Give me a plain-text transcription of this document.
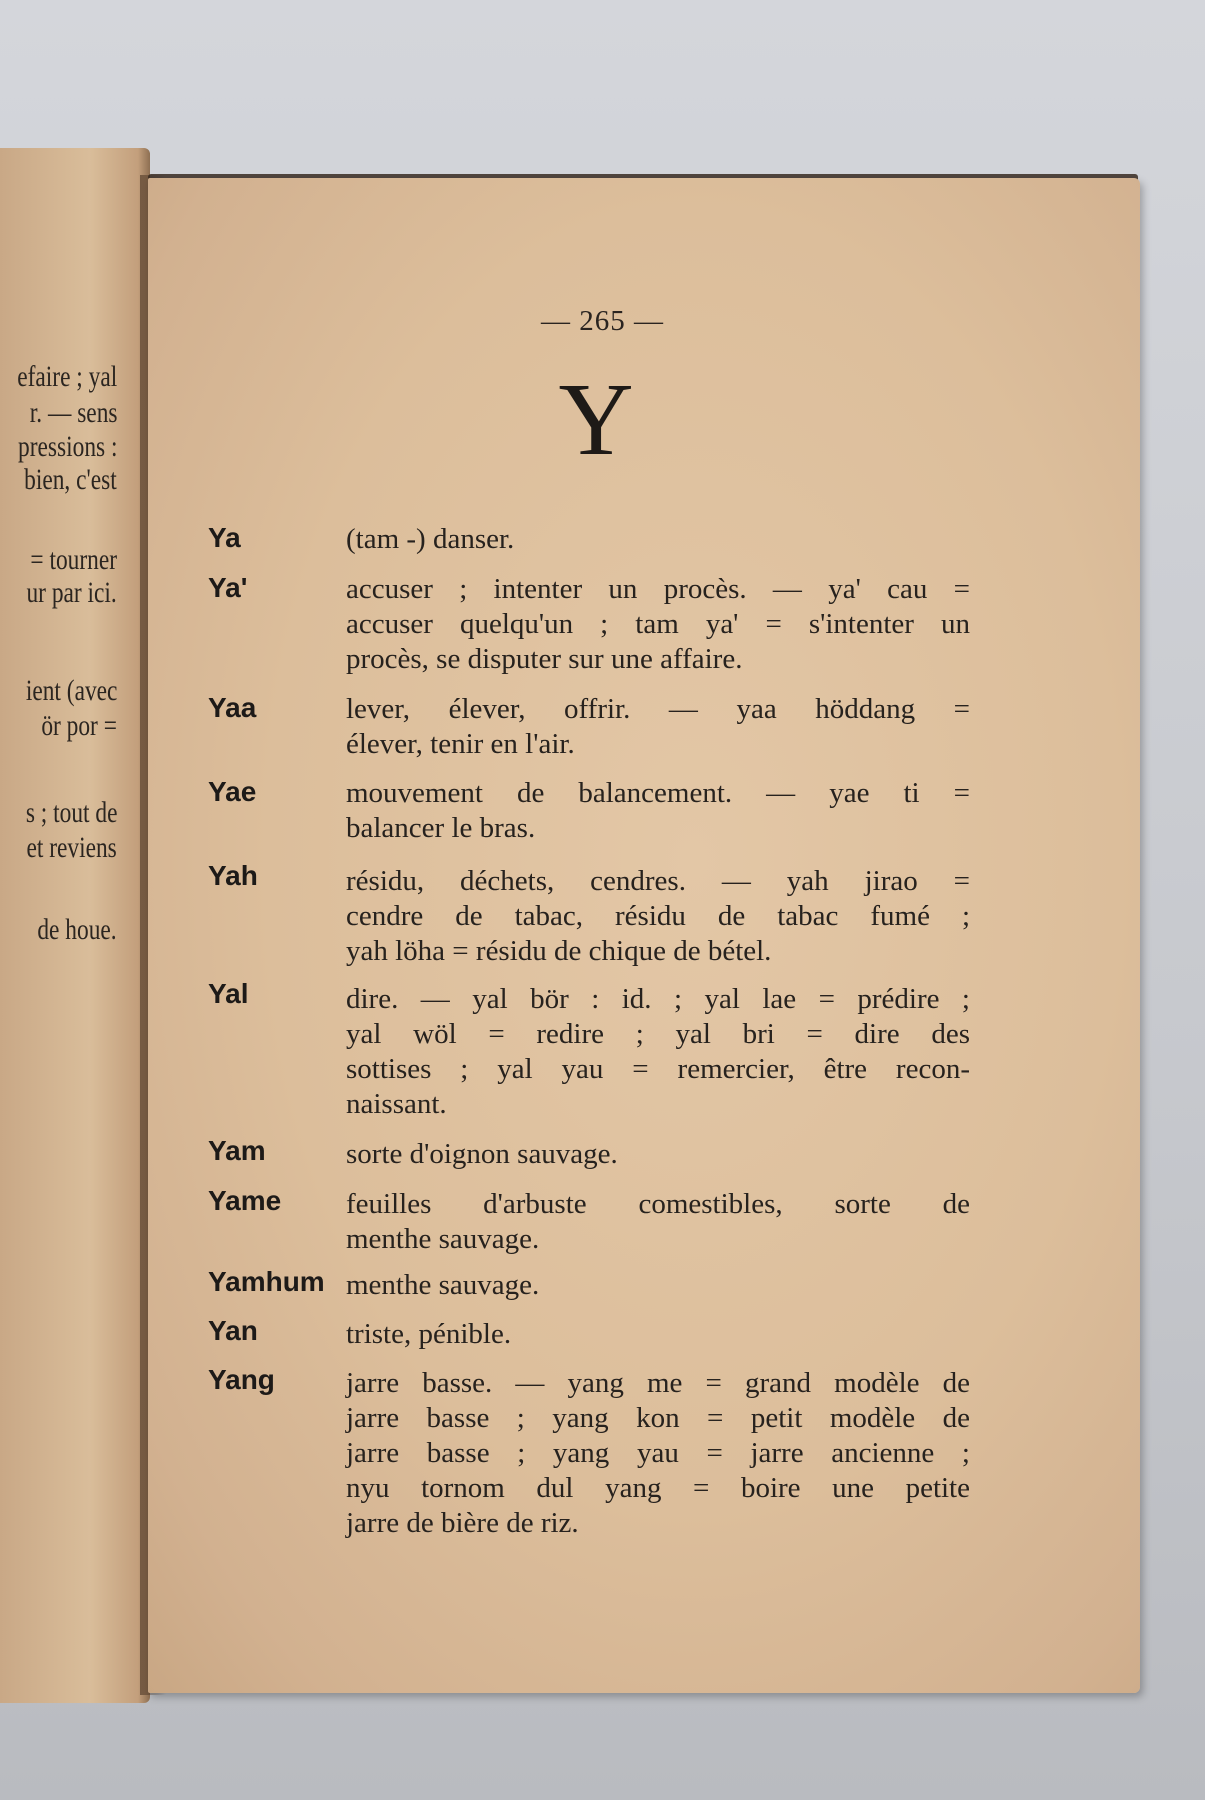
efaire ; yal
r. — sens
pressions :
bien, c'est
= tourner
ur par ici.
ient (avec
ör por =
s ; tout de
et reviens
de houe.
— 265 —
Y
Ya	(tam -) danser.
Ya'	accuser ; intenter un procès. — ya' cau =
accuser quelqu'un ; tam ya' = s'intenter un
procès, se disputer sur une affaire.
Yaa	lever, élever, offrir. — yaa höddang =
élever, tenir en l'air.
Yae	mouvement de balancement. — yae ti =
balancer le bras.
Yah	résidu, déchets, cendres. — yah jirao =
cendre de tabac, résidu de tabac fumé ;
yah löha = résidu de chique de bétel.
Yal	dire. — yal bör : id. ; yal lae = prédire ;
yal wöl = redire ; yal bri = dire des
sottises ; yal yau = remercier, être recon-
naissant.
Yam	sorte d'oignon sauvage.
Yame feuilles d'arbuste comestibles, sorte de
menthe sauvage.
Yamhum menthe sauvage.
Yan	triste, pénible.
Yang jarre basse. — yang me = grand modèle de
jarre basse ; yang kon = petit modèle de
jarre basse ; yang yau = jarre ancienne ;
nyu tornom dul yang = boire une petite
jarre de bière de riz.
